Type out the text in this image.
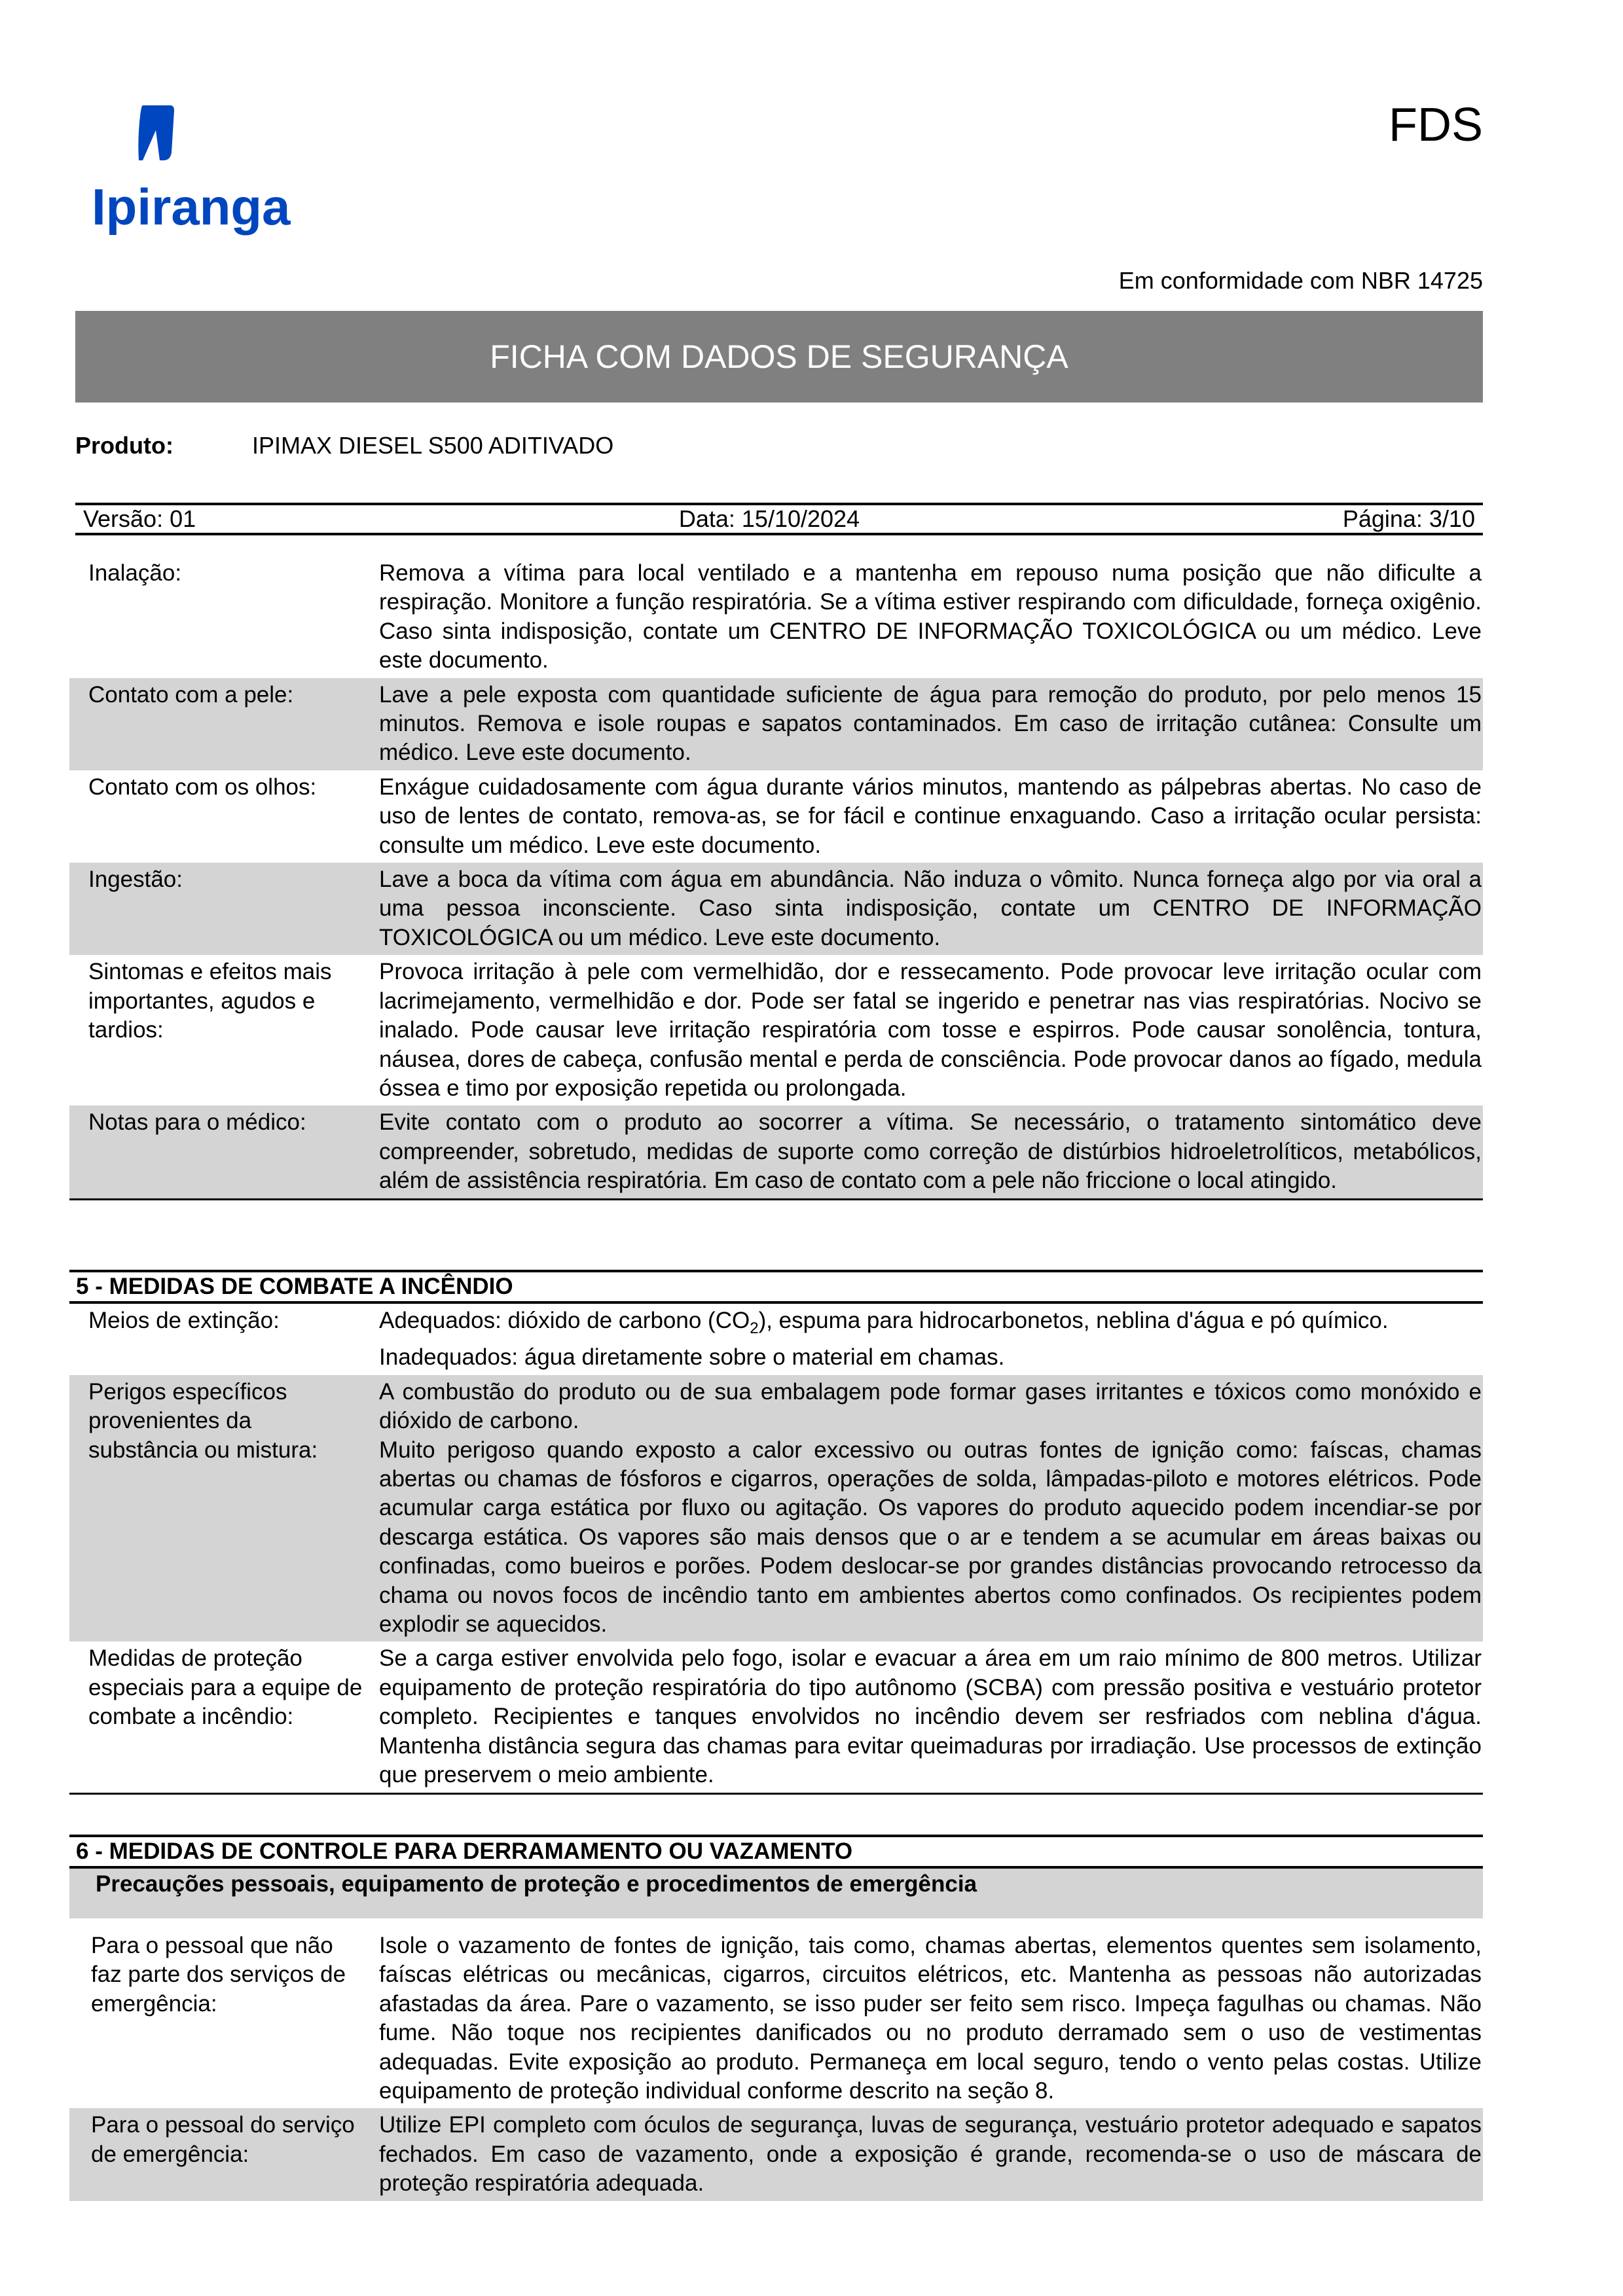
Ipiranga
FDS
Em conformidade com NBR 14725
FICHA COM DADOS DE SEGURANÇA
Produto:	IPIMAX DIESEL S500 ADITIVADO
Versão: 01	Data: 15/10/2024	Página: 3/10
Inalação:	Remova a vítima para local ventilado e a mantenha em repouso numa posição que não dificulte a respiração. Monitore a função respiratória. Se a vítima estiver respirando com dificuldade, forneça oxigênio. Caso sinta indisposição, contate um CENTRO DE INFORMAÇÃO TOXICOLÓGICA ou um médico. Leve este documento.
Contato com a pele:	Lave a pele exposta com quantidade suficiente de água para remoção do produto, por pelo menos 15 minutos. Remova e isole roupas e sapatos contaminados. Em caso de irritação cutânea: Consulte um médico. Leve este documento.
Contato com os olhos:	Enxágue cuidadosamente com água durante vários minutos, mantendo as pálpebras abertas. No caso de uso de lentes de contato, remova-as, se for fácil e continue enxaguando. Caso a irritação ocular persista: consulte um médico. Leve este documento.
Ingestão:	Lave a boca da vítima com água em abundância. Não induza o vômito. Nunca forneça algo por via oral a uma pessoa inconsciente. Caso sinta indisposição, contate um CENTRO DE INFORMAÇÃO TOXICOLÓGICA ou um médico. Leve este documento.
Sintomas e efeitos mais importantes, agudos e tardios:
Provoca irritação à pele com vermelhidão, dor e ressecamento. Pode provocar leve irritação ocular com lacrimejamento, vermelhidão e dor. Pode ser fatal se ingerido e penetrar nas vias respiratórias. Nocivo se inalado. Pode causar leve irritação respiratória com tosse e espirros. Pode causar sonolência, tontura, náusea, dores de cabeça, confusão mental e perda de consciência. Pode provocar danos ao fígado, medula óssea e timo por exposição repetida ou prolongada.
Notas para o médico:	Evite contato com o produto ao socorrer a vítima. Se necessário, o tratamento sintomático deve compreender, sobretudo, medidas de suporte como correção de distúrbios hidroeletrolíticos, metabólicos, além de assistência respiratória. Em caso de contato com a pele não friccione o local atingido.
5 - MEDIDAS DE COMBATE A INCÊNDIO
Meios de extinção:	Adequados: dióxido de carbono $(CO_2)$, espuma para hidrocarbonetos, neblina d'água e pó químico.
Inadequados: água diretamente sobre o material em chamas.
Perigos específicos provenientes da substância ou mistura:
A combustão do produto ou de sua embalagem pode formar gases irritantes e tóxicos como monóxido e dióxido de carbono.
Muito perigoso quando exposto a calor excessivo ou outras fontes de ignição como: faíscas, chamas abertas ou chamas de fósforos e cigarros, operações de solda, lâmpadas-piloto e motores elétricos. Pode acumular carga estática por fluxo ou agitação. Os vapores do produto aquecido podem incendiar-se por descarga estática. Os vapores são mais densos que o ar e tendem a se acumular em áreas baixas ou confinadas, como bueiros e porões. Podem deslocar-se por grandes distâncias provocando retrocesso da chama ou novos focos de incêndio tanto em ambientes abertos como confinados. Os recipientes podem explodir se aquecidos.
Medidas de proteção especiais para a equipe de combate a incêndio:
Se a carga estiver envolvida pelo fogo, isolar e evacuar a área em um raio mínimo de 800 metros. Utilizar equipamento de proteção respiratória do tipo autônomo (SCBA) com pressão positiva e vestuário protetor completo. Recipientes e tanques envolvidos no incêndio devem ser resfriados com neblina d'água. Mantenha distância segura das chamas para evitar queimaduras por irradiação. Use processos de extinção que preservem o meio ambiente.
6 - MEDIDAS DE CONTROLE PARA DERRAMAMENTO OU VAZAMENTO
Precauções pessoais, equipamento de proteção e procedimentos de emergência
Para o pessoal que não faz parte dos serviços de emergência:
Isole o vazamento de fontes de ignição, tais como, chamas abertas, elementos quentes sem isolamento, faíscas elétricas ou mecânicas, cigarros, circuitos elétricos, etc. Mantenha as pessoas não autorizadas afastadas da área. Pare o vazamento, se isso puder ser feito sem risco. Impeça fagulhas ou chamas. Não fume. Não toque nos recipientes danificados ou no produto derramado sem o uso de vestimentas adequadas. Evite exposição ao produto. Permaneça em local seguro, tendo o vento pelas costas. Utilize equipamento de proteção individual conforme descrito na seção 8.
Para o pessoal do serviço de emergência:
Utilize EPI completo com óculos de segurança, luvas de segurança, vestuário protetor adequado e sapatos fechados. Em caso de vazamento, onde a exposição é grande, recomenda-se o uso de máscara de proteção respiratória adequada.
